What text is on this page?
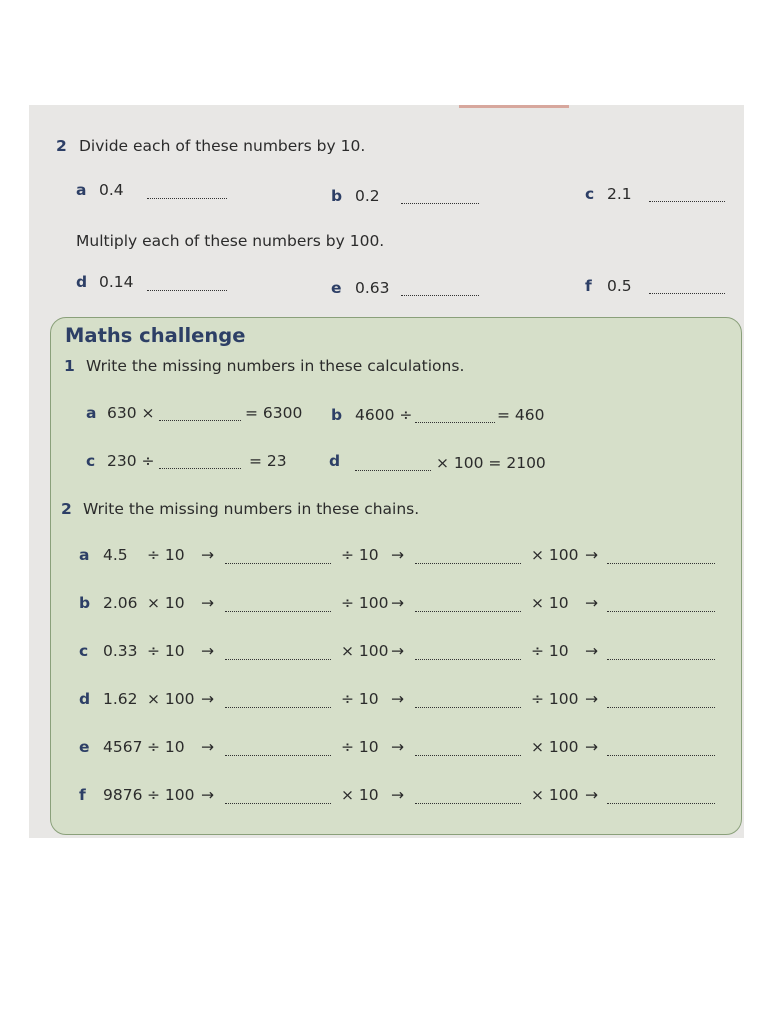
2 Divide each of these numbers by 10.
a 0.4	b 0.2	c 2.1
Multiply each of these numbers by 100.
d 0.14	e 0.63	f 0.5
Maths challenge
1 Write the missing numbers in these calculations.
a 630 ×	= 6300 b 4600 ÷	= 460
c 230 ÷	= 23	d	× 100 = 2100
2 Write the missing numbers in these chains.
a 4.5 ÷ 10 →	÷ 10 →	× 100 →
b 2.06 × 10 →	÷ 100 →	× 10 →
c 0.33 ÷ 10 →	× 100 →	÷ 10 →
d 1.62 × 100 →	÷ 10 →	÷ 100 →
e 4567 ÷ 10 →	÷ 10 →	× 100 →
f 9876 ÷ 100 →	× 10 →	× 100 →
